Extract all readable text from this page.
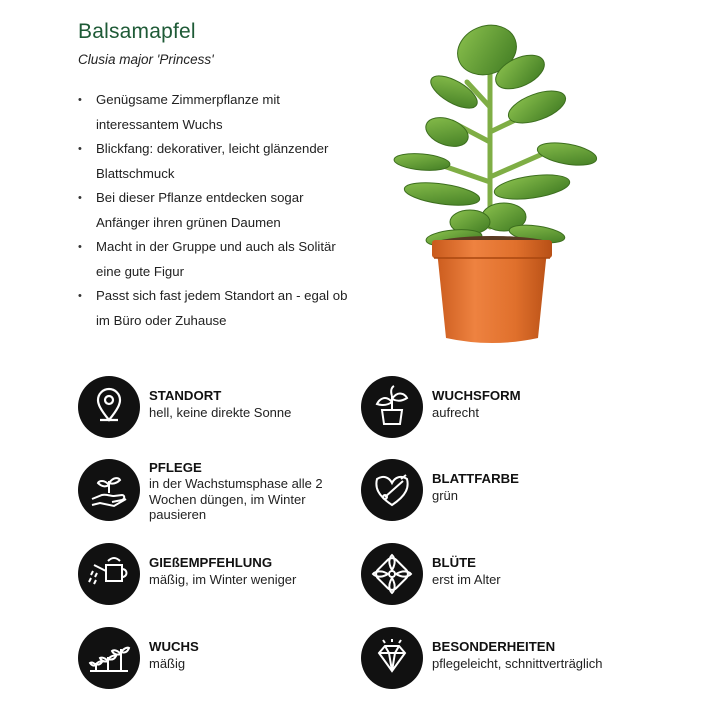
Balsamapfel
Clusia major 'Princess'
• Genügsame Zimmerpflanze mit
interessantem Wuchs
• Blickfang: dekorativer, leicht glänzender
Blattschmuck
• Bei dieser Pflanze entdecken sogar
Anfänger ihren grünen Daumen
• Macht in der Gruppe und auch als Solitär
eine gute Figur
• Passt sich fast jedem Standort an - egal ob
im Büro oder Zuhause
STANDORT
hell, keine direkte Sonne
WUCHSFORM
aufrecht
PFLEGE
in der Wachstumsphase alle 2 Wochen düngen, im Winter pausieren
BLATTFARBE
grün
GIEßEMPFEHLUNG
mäßig, im Winter weniger
BLÜTE
erst im Alter
WUCHS
mäßig
BESONDERHEITEN
pflegeleicht, schnittverträglich
